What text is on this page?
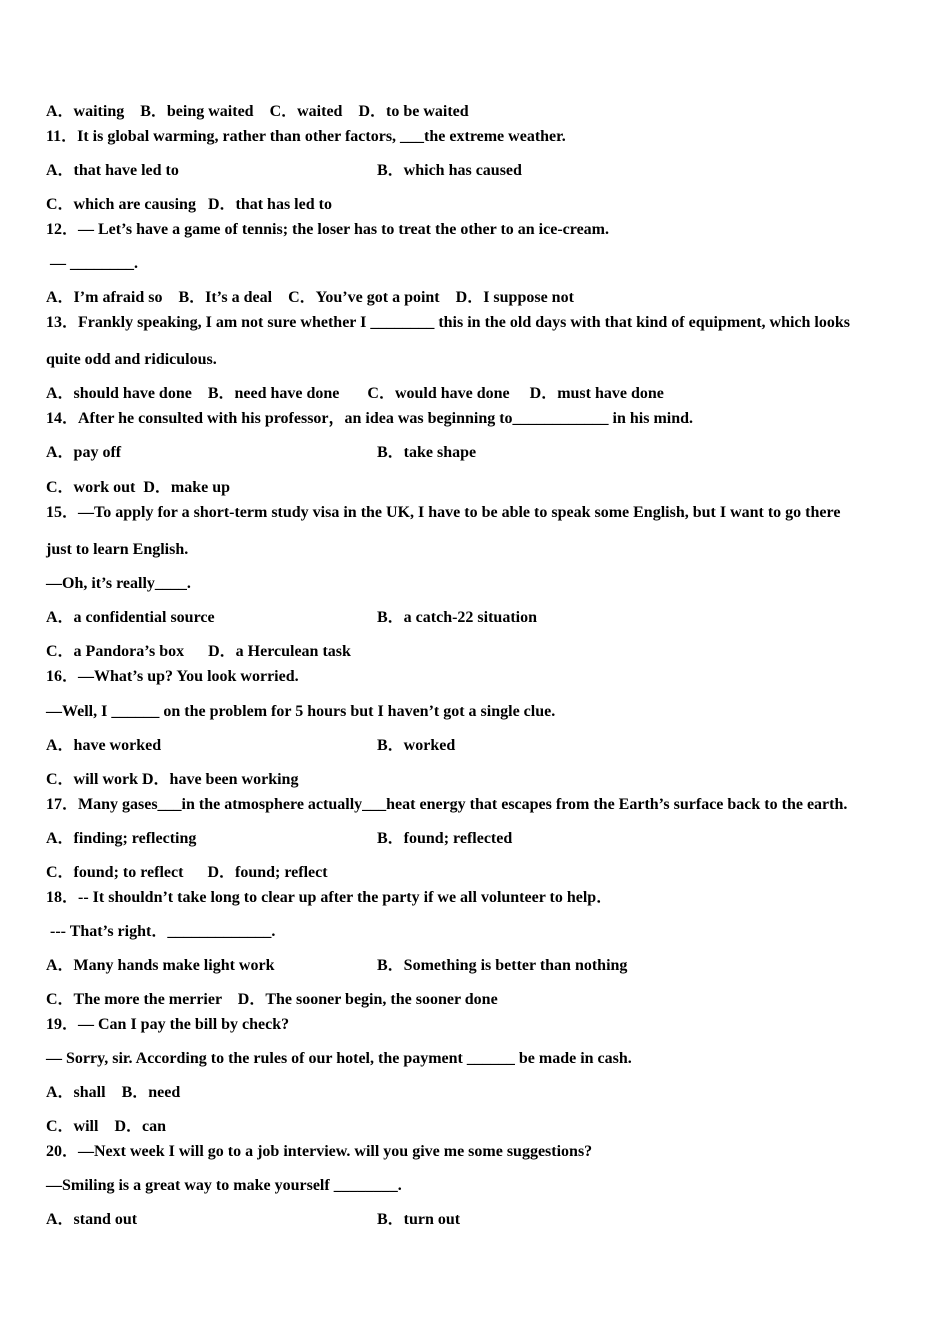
A．waiting    B．being waited    C．waited    D．to be waited
11．It is global warming, rather than other factors, ___the extreme weather.
A．that have led to	B．which has caused
C．which are causing   D．that has led to
12．— Let’s have a game of tennis; the loser has to treat the other to an ice-cream.
— ________.
A．I’m afraid so    B．It’s a deal    C．You’ve got a point    D．I suppose not
13．Frankly speaking, I am not sure whether I ________ this in the old days with that kind of equipment, which looks
quite odd and ridiculous.
A．should have done    B．need have done       C．would have done     D．must have done
14．After he consulted with his professor，an idea was beginning to____________ in his mind.
A．pay off	B．take shape
C．work out  D．make up
15．—To apply for a short-term study visa in the UK, I have to be able to speak some English, but I want to go there
just to learn English.
—Oh, it’s really____.
A．a confidential source	B．a catch-22 situation
C．a Pandora’s box      D．a Herculean task
16．—What’s up? You look worried.
—Well, I ______ on the problem for 5 hours but I haven’t got a single clue.
A．have worked	B．worked
C．will work D．have been working
17．Many gases___in the atmosphere actually___heat energy that escapes from the Earth’s surface back to the earth.
A．finding; reflecting	B．found; reflected
C．found; to reflect      D．found; reflect
18．-- It shouldn’t take long to clear up after the party if we all volunteer to help．
--- That’s right．_____________.
A．Many hands make light work	B．Something is better than nothing
C．The more the merrier    D．The sooner begin, the sooner done
19．— Can I pay the bill by check?
— Sorry, sir. According to the rules of our hotel, the payment ______ be made in cash.
A．shall    B．need
C．will    D．can
20．—Next week I will go to a job interview. will you give me some suggestions?
—Smiling is a great way to make yourself ________.
A．stand out	B．turn out
